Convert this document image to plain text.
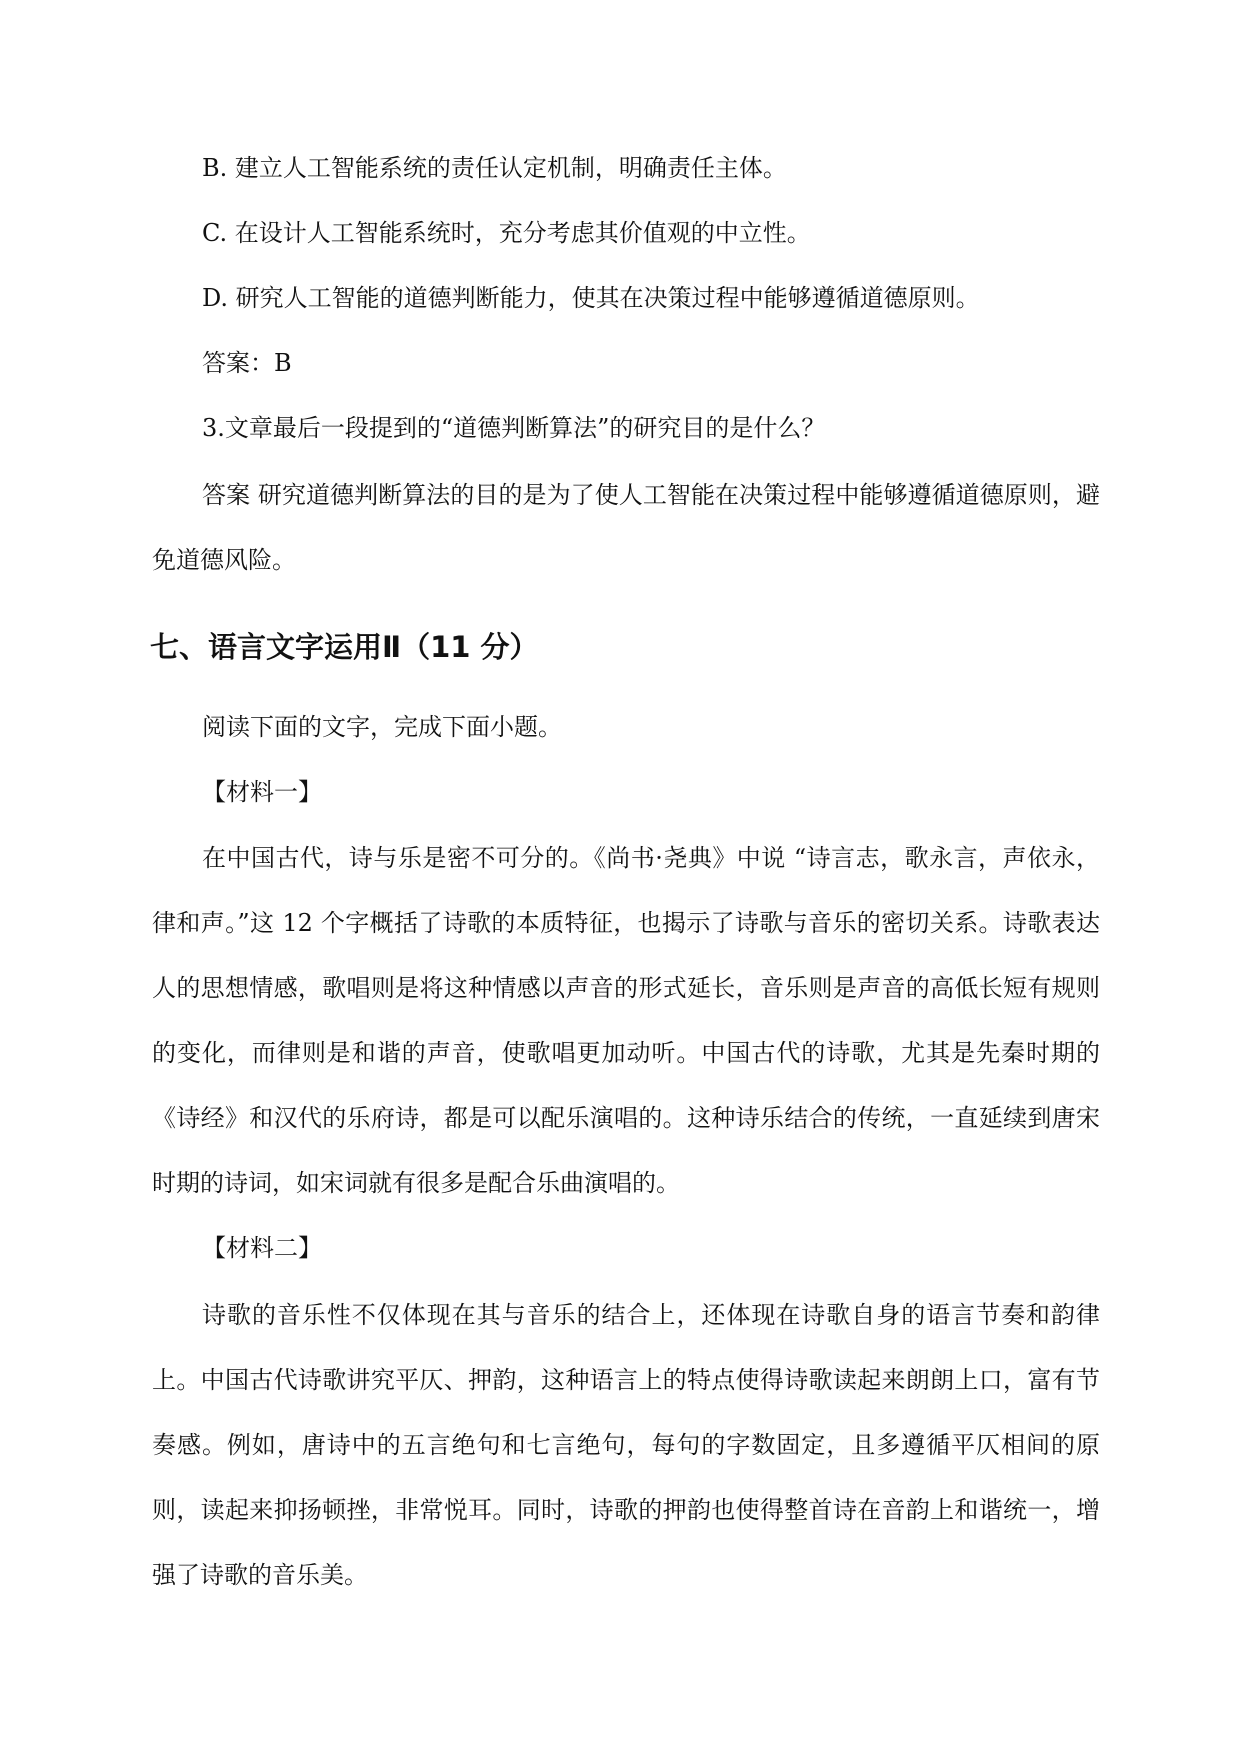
B. 建立人工智能系统的责任认定机制，明确责任主体。
C. 在设计人工智能系统时，充分考虑其价值观的中立性。
D. 研究人工智能的道德判断能力，使其在决策过程中能够遵循道德原则。
答案：B
3.文章最后一段提到的“道德判断算法”的研究目的是什么？
答案 研究道德判断算法的目的是为了使人工智能在决策过程中能够遵循道德原则，避免道德风险。
七、语言文字运用Ⅱ（11 分）
阅读下面的文字，完成下面小题。
【材料一】
在中国古代，诗与乐是密不可分的。《尚书·尧典》中说 “诗言志，歌永言，声依永，律和声。”这 12 个字概括了诗歌的本质特征，也揭示了诗歌与音乐的密切关系。诗歌表达人的思想情感，歌唱则是将这种情感以声音的形式延长，音乐则是声音的高低长短有规则的变化，而律则是和谐的声音，使歌唱更加动听。中国古代的诗歌，尤其是先秦时期的《诗经》和汉代的乐府诗，都是可以配乐演唱的。这种诗乐结合的传统，一直延续到唐宋时期的诗词，如宋词就有很多是配合乐曲演唱的。
【材料二】
诗歌的音乐性不仅体现在其与音乐的结合上，还体现在诗歌自身的语言节奏和韵律上。中国古代诗歌讲究平仄、押韵，这种语言上的特点使得诗歌读起来朗朗上口，富有节奏感。例如，唐诗中的五言绝句和七言绝句，每句的字数固定，且多遵循平仄相间的原则，读起来抑扬顿挫，非常悦耳。同时，诗歌的押韵也使得整首诗在音韵上和谐统一，增强了诗歌的音乐美。
